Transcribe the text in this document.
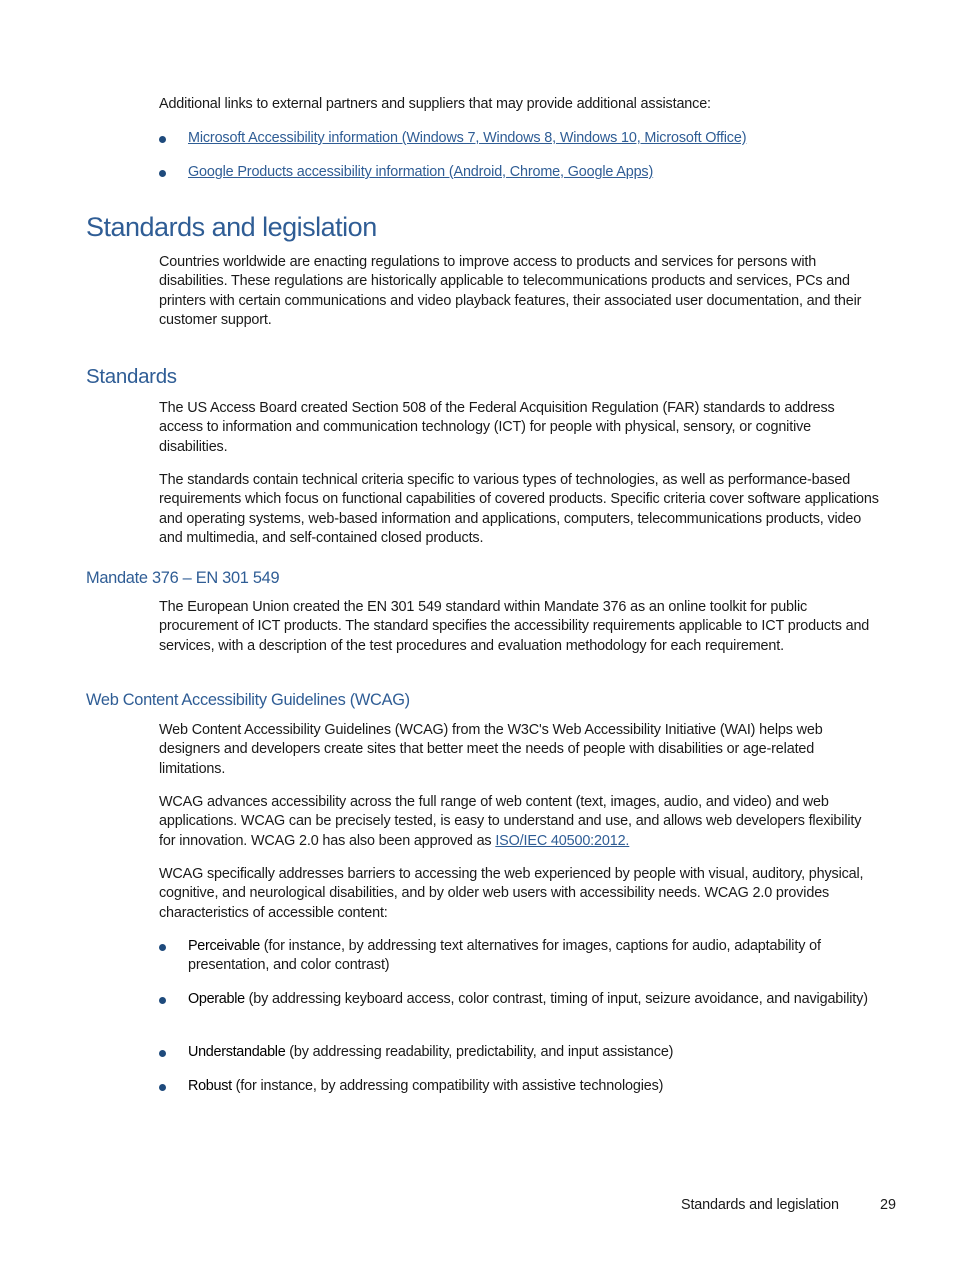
Additional links to external partners and suppliers that may provide additional assistance:

Microsoft Accessibility information (Windows 7, Windows 8, Windows 10, Microsoft Office)

Google Products accessibility information (Android, Chrome, Google Apps)

Standards and legislation

Countries worldwide are enacting regulations to improve access to products and services for persons with disabilities. These regulations are historically applicable to telecommunications products and services, PCs and printers with certain communications and video playback features, their associated user documentation, and their customer support.

Standards

The US Access Board created Section 508 of the Federal Acquisition Regulation (FAR) standards to address access to information and communication technology (ICT) for people with physical, sensory, or cognitive disabilities.

The standards contain technical criteria specific to various types of technologies, as well as performance-based requirements which focus on functional capabilities of covered products. Specific criteria cover software applications and operating systems, web-based information and applications, computers, telecommunications products, video and multimedia, and self-contained closed products.

Mandate 376 – EN 301 549

The European Union created the EN 301 549 standard within Mandate 376 as an online toolkit for public procurement of ICT products. The standard specifies the accessibility requirements applicable to ICT products and services, with a description of the test procedures and evaluation methodology for each requirement.

Web Content Accessibility Guidelines (WCAG)

Web Content Accessibility Guidelines (WCAG) from the W3C's Web Accessibility Initiative (WAI) helps web designers and developers create sites that better meet the needs of people with disabilities or age-related limitations.

WCAG advances accessibility across the full range of web content (text, images, audio, and video) and web applications. WCAG can be precisely tested, is easy to understand and use, and allows web developers flexibility for innovation. WCAG 2.0 has also been approved as ISO/IEC 40500:2012.

WCAG specifically addresses barriers to accessing the web experienced by people with visual, auditory, physical, cognitive, and neurological disabilities, and by older web users with accessibility needs. WCAG 2.0 provides characteristics of accessible content:

Perceivable (for instance, by addressing text alternatives for images, captions for audio, adaptability of presentation, and color contrast)

Operable (by addressing keyboard access, color contrast, timing of input, seizure avoidance, and navigability)

Understandable (by addressing readability, predictability, and input assistance)

Robust (for instance, by addressing compatibility with assistive technologies)

Standards and legislation	29
